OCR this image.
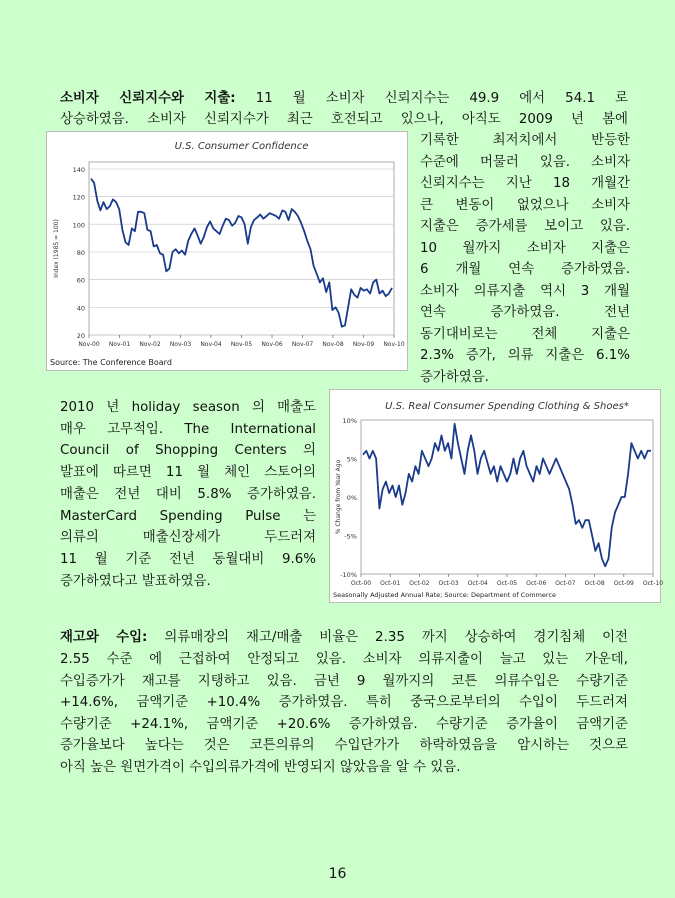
소비자 신뢰지수와 지출: 11 월 소비자 신뢰지수는 49.9 에서 54.1 로
상승하였음. 소비자 신뢰지수가 최근 호전되고 있으나, 아직도 2009 년 봄에
기록한 최저치에서 반등한
수준에 머물러 있음. 소비자
신뢰지수는 지난 18 개월간
큰 변동이 없었으나 소비자
지출은 증가세를 보이고 있음.
10 월까지 소비자 지출은
6 개월 연속 증가하였음.
소비자 의류지출 역시 3 개월
연속 증가하였음. 전년
동기대비로는 전체 지출은
2.3% 증가, 의류 지출은 6.1%
증가하였음.
U.S. Consumer Confidence
20
40
60
80
100
120
140
Nov-00 Nov-01 Nov-02 Nov-03 Nov-04 Nov-05 Nov-06 Nov-07 Nov-08 Nov-09 Nov-10
Index (1985 = 100)
Source: The Conference Board
2010 년 holiday season 의 매출도
매우 고무적임. The International
Council of Shopping Centers 의
발표에 따르면 11 월 체인 스토어의
매출은 전년 대비 5.8% 증가하였음.
MasterCard Spending Pulse 는
의류의 매출신장세가 두드러져
11 월 기준 전년 동월대비 9.6%
증가하였다고 발표하였음.
U.S. Real Consumer Spending Clothing & Shoes*
10%
5%
0%
-5%
-10%
Oct-00 Oct-01 Oct-02 Oct-03 Oct-04 Oct-05 Oct-06 Oct-07 Oct-08 Oct-09 Oct-10
% Change from Year Ago
Seasonally Adjusted Annual Rate; Source: Department of Commerce
재고와 수입: 의류매장의 재고/매출 비율은 2.35 까지 상승하여 경기침체 이전
2.55 수준 에 근접하여 안정되고 있음. 소비자 의류지출이 늘고 있는 가운데,
수입증가가 재고를 지탱하고 있음. 금년 9 월까지의 코튼 의류수입은 수량기준
+14.6%, 금액기준 +10.4% 증가하였음. 특히 중국으로부터의 수입이 두드러져
수량기준 +24.1%, 금액기준 +20.6% 증가하였음. 수량기준 증가율이 금액기준
증가율보다 높다는 것은 코튼의류의 수입단가가 하락하였음을 암시하는 것으로
아직 높은 원면가격이 수입의류가격에 반영되지 않았음을 알 수 있음.
16
